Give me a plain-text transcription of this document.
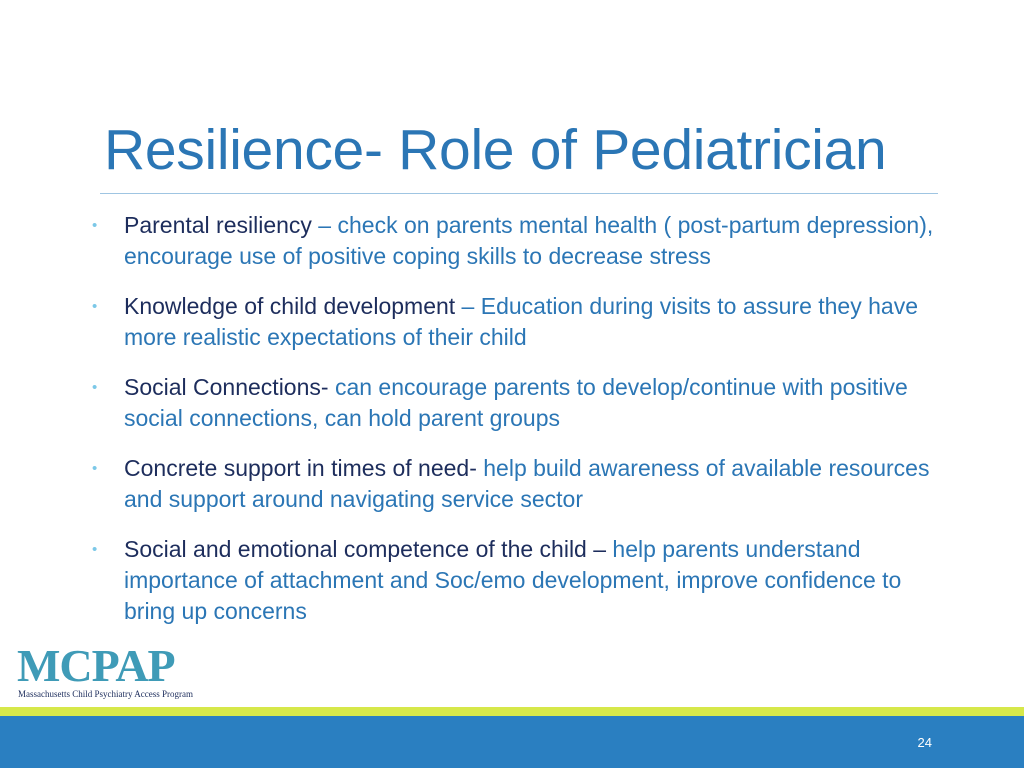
Resilience- Role of Pediatrician
• Parental resiliency – check on parents mental health ( post-partum depression), encourage use of positive coping skills to decrease stress
• Knowledge of child development – Education during visits to assure they have more realistic expectations of their child
• Social Connections- can encourage parents to develop/continue with positive social connections, can hold parent groups
• Concrete support in times of need- help build awareness of available resources and support around navigating service sector
• Social and emotional competence of the child – help parents understand importance of attachment and Soc/emo development, improve confidence to bring up concerns
MCPAP
Massachusetts Child Psychiatry Access Program
24
